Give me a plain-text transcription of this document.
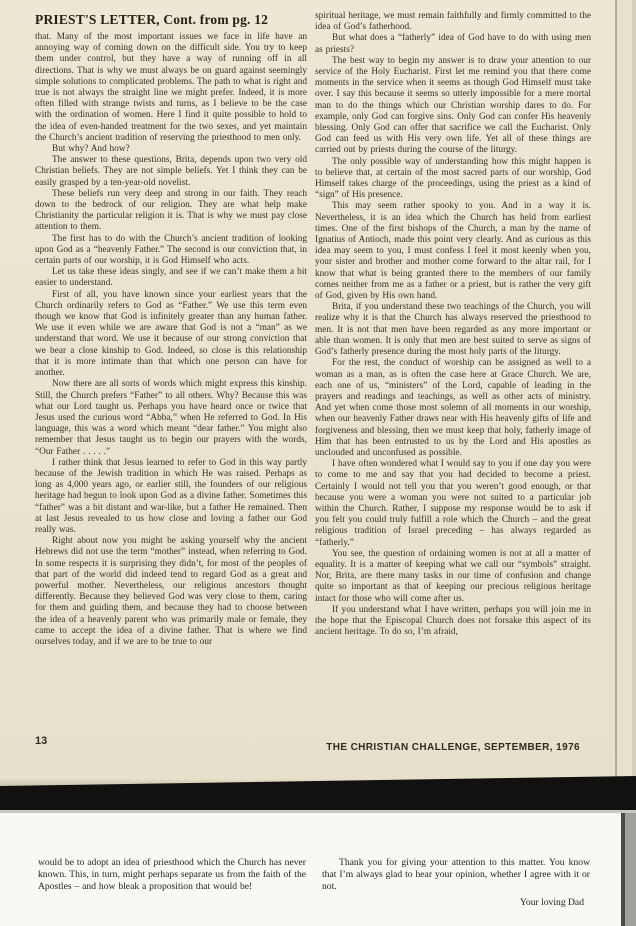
PRIEST'S LETTER, Cont. from pg. 12

that. Many of the most important issues we face in life have an annoying way of coming down on the difficult side. You try to keep them under control, but they have a way of running off in all directions. That is why we must always be on guard against seemingly simple solutions to complicated problems. The path to what is right and true is not always the straight line we might prefer. Indeed, it is more often filled with strange twists and turns, as I believe to be the case with the ordination of women. Here I find it quite possible to hold to the idea of even-handed treatment for the two sexes, and yet maintain the Church’s ancient tradition of reserving the priesthood to men only.

But why? And how?

The answer to these questions, Brita, depends upon two very old Christian beliefs. They are not simple beliefs. Yet I think they can be easily grasped by a ten-year-old novelist.

These beliefs run very deep and strong in our faith. They reach down to the bedrock of our religion. They are what help make Christianity the particular religion it is. That is why we must pay close attention to them.

The first has to do with the Church’s ancient tradition of looking upon God as a “heavenly Father.” The second is our conviction that, in certain parts of our worship, it is God Himself who acts.

Let us take these ideas singly, and see if we can’t make them a bit easier to understand.

First of all, you have known since your earliest years that the Church ordinarily refers to God as “Father.” We use this term even though we know that God is infinitely greater than any human father. We use it even while we are aware that God is not a “man” as we understand that word. We use it because of our strong conviction that we bear a close kinship to God. Indeed, so close is this relationship that it is more intimate than that which one person can have for another.

Now there are all sorts of words which might express this kinship. Still, the Church prefers “Father” to all others. Why? Because this was what our Lord taught us. Perhaps you have heard once or twice that Jesus used the curious word “Abba,” when He referred to God. In His language, this was a word which meant “dear father.” You might also remember that Jesus taught us to begin our prayers with the words, “Our Father . . . . .”

I rather think that Jesus learned to refer to God in this way partly because of the Jewish tradition in which He was raised. Perhaps as long as 4,000 years ago, or earlier still, the founders of our religious heritage had begun to look upon God as a divine father. Sometimes this “father” was a bit distant and war-like, but a father He remained. Then at last Jesus revealed to us how close and loving a father our God really was.

Right about now you might be asking yourself why the ancient Hebrews did not use the term “mother” instead, when referring to God. In some respects it is surprising they didn’t, for most of the peoples of that part of the world did indeed tend to regard God as a great and powerful mother. Nevertheless, our religious ancestors thought differently. Because they believed God was very close to them, caring for them and guiding them, and because they had to choose between the idea of a heavenly parent who was primarily male or female, they came to accept the idea of a divine father. That is where we find ourselves today, and if we are to be true to our

spiritual heritage, we must remain faithfully and firmly committed to the idea of God’s fatherhood.

But what does a “fatherly” idea of God have to do with using men as priests?

The best way to begin my answer is to draw your attention to our service of the Holy Eucharist. First let me remind you that there come moments in the service when it seems as though God Himself must take over. I say this because it seems so utterly impossible for a mere mortal man to do the things which our Christian worship dares to do. For example, only God can forgive sins. Only God can confer His heavenly blessing. Only God can offer that sacrifice we call the Eucharist. Only God can feed us with His very own life. Yet all of these things are carried out by priests during the course of the liturgy.

The only possible way of understanding how this might happen is to believe that, at certain of the most sacred parts of our worship, God Himself takes charge of the proceedings, using the priest as a kind of “sign” of His presence.

This may seem rather spooky to you. And in a way it is. Nevertheless, it is an idea which the Church has held from earliest times. One of the first bishops of the Church, a man by the name of Ignatius of Antioch, made this point very clearly. And as curious as this idea may seem to you, I must confess I feel it most keenly when you, your sister and brother and mother come forward to the altar rail, for I know that what is being granted there to the members of our family comes neither from me as a father or a priest, but is rather the very gift of God, given by His own hand.

Brita, if you understand these two teachings of the Church, you will realize why it is that the Church has always reserved the priesthood to men. It is not that men have been regarded as any more important or able than women. It is only that men are best suited to serve as signs of God’s fatherly presence during the most holy parts of the liturgy.

For the rest, the conduct of worship can be assigned as well to a woman as a man, as is often the case here at Grace Church. We are, each one of us, “ministers” of the Lord, capable of leading in the prayers and readings and teachings, as well as other acts of ministry. And yet when come those most solemn of all moments in our worship, when our heavenly Father draws near with His heavenly gifts of life and forgiveness and blessing, then we must keep that holy, fatherly image of Him that has been entrusted to us by the Lord and His apostles as unclouded and unconfused as possible.

I have often wondered what I would say to you if one day you were to come to me and say that you had decided to become a priest. Certainly I would not tell you that you weren’t good enough, or that because you were a woman you were not suited to a particular job within the Church. Rather, I suppose my response would be to ask if you felt you could truly fulfill a role which the Church – and the great religious tradition of Israel preceding – has always regarded as “fatherly.”

You see, the question of ordaining women is not at all a matter of equality. It is a matter of keeping what we call our “symbols” straight. Nor, Brita, are there many tasks in our time of confusion and change quite so important as that of keeping our precious religious heritage intact for those who will come after us.

If you understand what I have written, perhaps you will join me in the hope that the Episcopal Church does not forsake this aspect of its ancient heritage. To do so, I’m afraid,

13
THE CHRISTIAN CHALLENGE, SEPTEMBER, 1976

would be to adopt an idea of priesthood which the Church has never known. This, in turn, might perhaps separate us from the faith of the Apostles – and how bleak a proposition that would be!

Thank you for giving your attention to this matter. You know that I’m always glad to hear your opinion, whether I agree with it or not.

Your loving Dad
